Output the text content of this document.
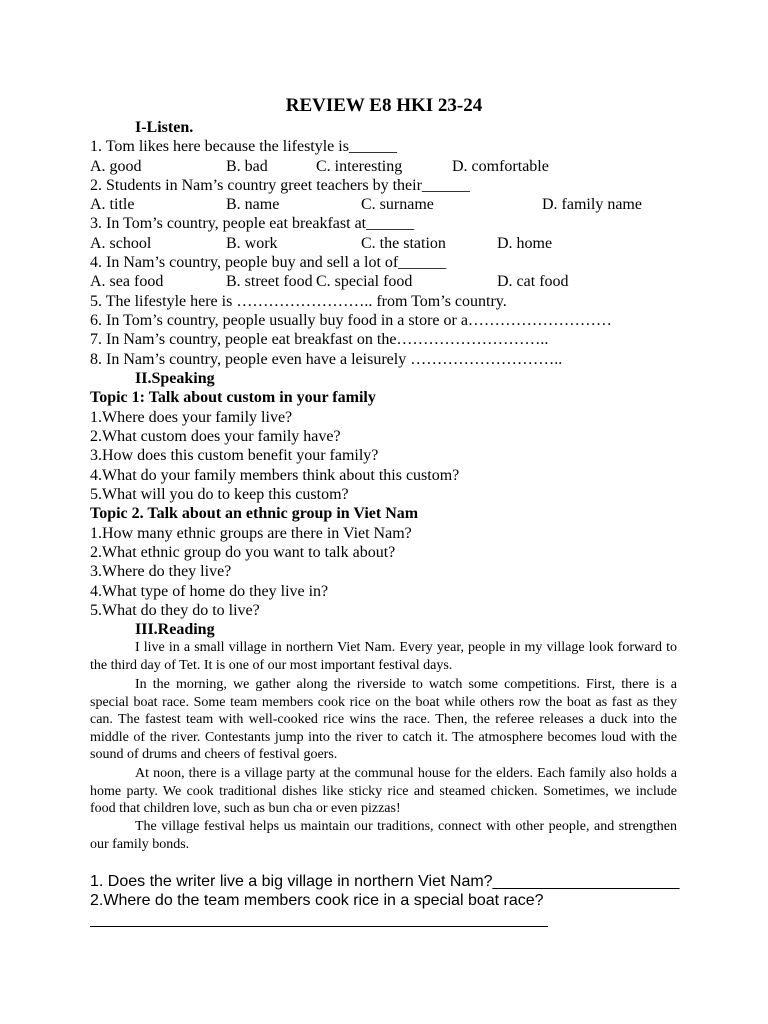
REVIEW E8 HKI 23-24
I-Listen.
1. Tom likes here because the lifestyle is______
A. good	B. bad	C. interesting	D. comfortable
2. Students in Nam’s country greet teachers by their______
A. title	B. name	C. surname	D. family name
3. In Tom’s country, people eat breakfast at______
A. school	B. work	C. the station	D. home
4. In Nam’s country, people buy and sell a lot of______
A. sea food	B. street food C. special food	D. cat food
5. The lifestyle here is …………………….. from Tom’s country.
6. In Tom’s country, people usually buy food in a store or a………………………
7. In Nam’s country, people eat breakfast on the………………………..
8. In Nam’s country, people even have a leisurely ………………………..
II.Speaking
Topic 1: Talk about custom in your family
1.Where does your family live?
2.What custom does your family have?
3.How does this custom benefit your family?
4.What do your family members think about this custom?
5.What will you do to keep this custom?
Topic 2. Talk about an ethnic group in Viet Nam
1.How many ethnic groups are there in Viet Nam?
2.What ethnic group do you want to talk about?
3.Where do they live?
4.What type of home do they live in?
5.What do they do to live?
III.Reading
I live in a small village in northern Viet Nam. Every year, people in my village look forward to the third day of Tet. It is one of our most important festival days.
In the morning, we gather along the riverside to watch some competitions. First, there is a special boat race. Some team members cook rice on the boat while others row the boat as fast as they can. The fastest team with well-cooked rice wins the race. Then, the referee releases a duck into the middle of the river. Contestants jump into the river to catch it. The atmosphere becomes loud with the sound of drums and cheers of festival goers.
At noon, there is a village party at the communal house for the elders. Each family also holds a home party. We cook traditional dishes like sticky rice and steamed chicken. Sometimes, we include food that children love, such as bun cha or even pizzas!
The village festival helps us maintain our traditions, connect with other people, and strengthen our family bonds.
1. Does the writer live a big village in northern Viet Nam?_____________________
2.Where do the team members cook rice in a special boat race?
